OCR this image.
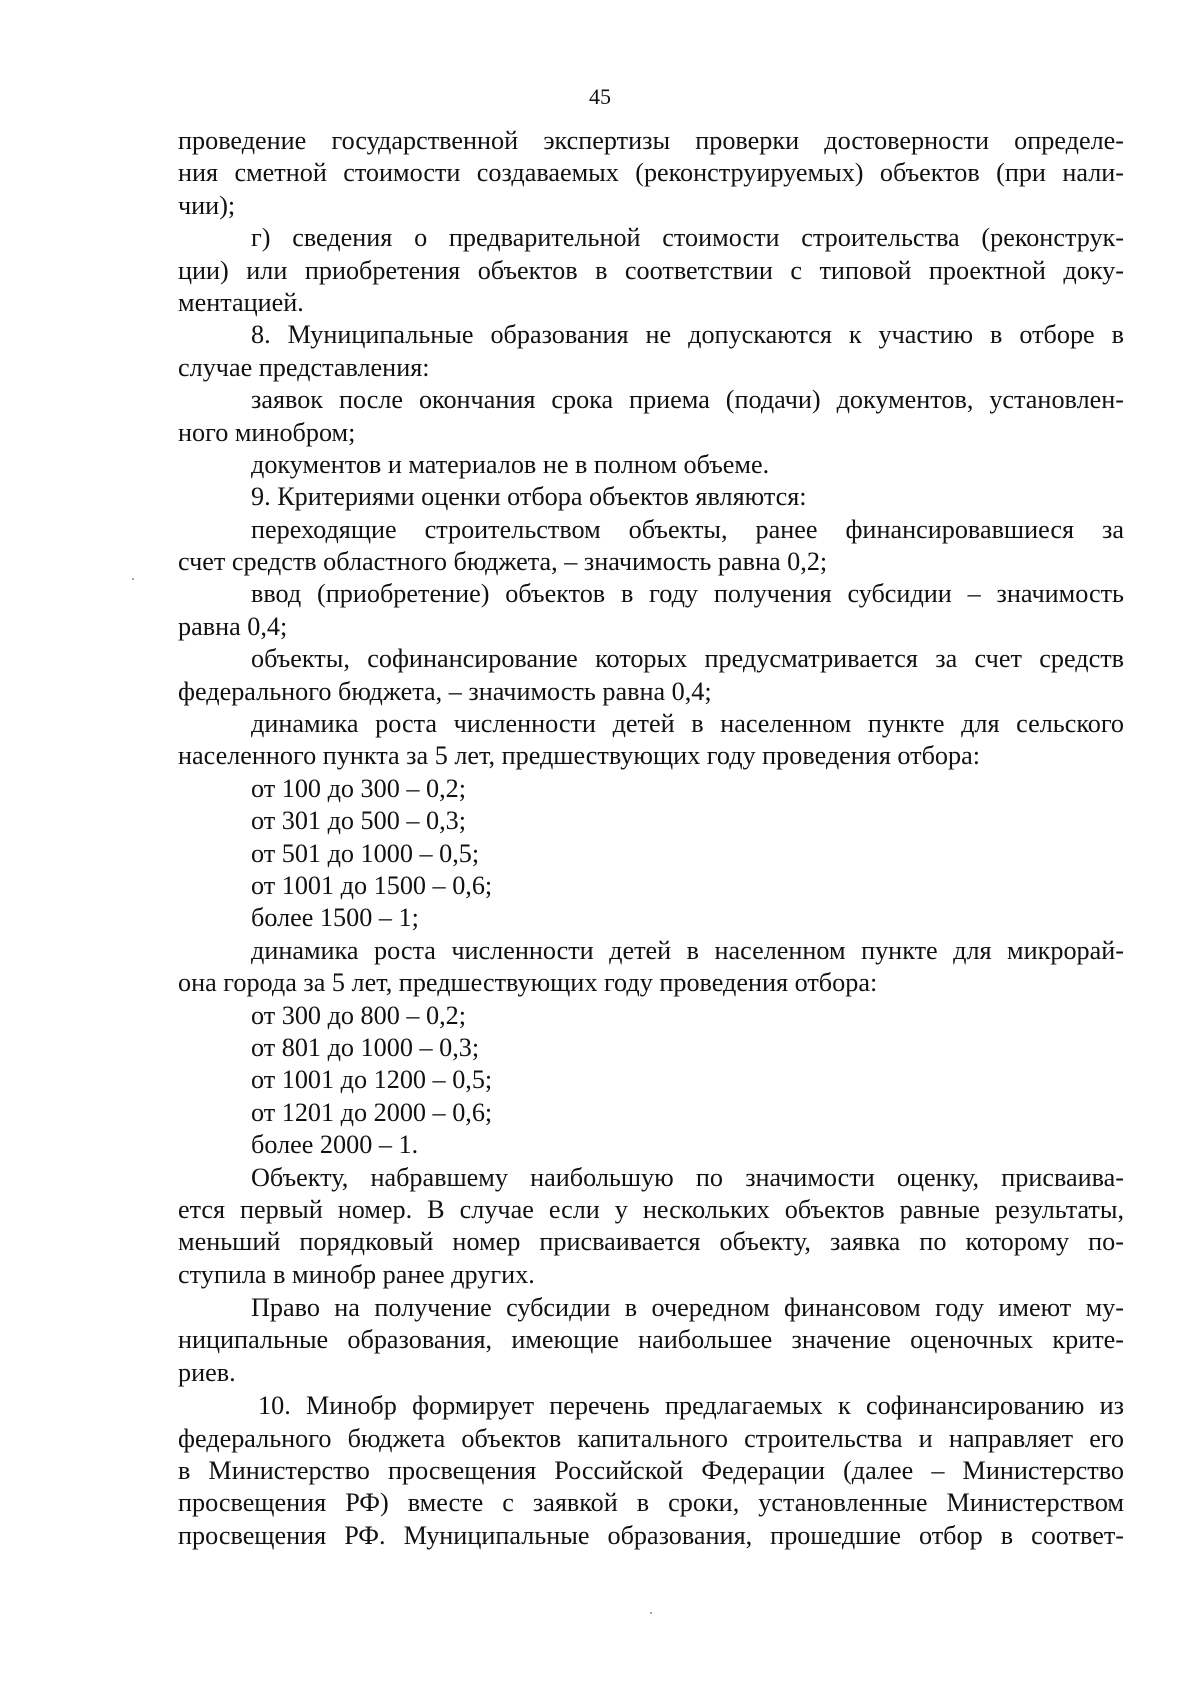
45
проведение государственной экспертизы проверки достоверности определе-
ния сметной стоимости создаваемых (реконструируемых) объектов (при нали-
чии);
г) сведения о предварительной стоимости строительства (реконструк-
ции) или приобретения объектов в соответствии с типовой проектной доку-
ментацией.
8. Муниципальные образования не допускаются к участию в отборе в
случае представления:
заявок после окончания срока приема (подачи) документов, установлен-
ного минобром;
документов и материалов не в полном объеме.
9. Критериями оценки отбора объектов являются:
переходящие строительством объекты, ранее финансировавшиеся за
счет средств областного бюджета, – значимость равна 0,2;
ввод (приобретение) объектов в году получения субсидии – значимость
равна 0,4;
объекты, софинансирование которых предусматривается за счет средств
федерального бюджета, – значимость равна 0,4;
динамика роста численности детей в населенном пункте для сельского
населенного пункта за 5 лет, предшествующих году проведения отбора:
от 100 до 300 – 0,2;
от 301 до 500 – 0,3;
от 501 до 1000 – 0,5;
от 1001 до 1500 – 0,6;
более 1500 – 1;
динамика роста численности детей в населенном пункте для микрорай-
она города за 5 лет, предшествующих году проведения отбора:
от 300 до 800 – 0,2;
от 801 до 1000 – 0,3;
от 1001 до 1200 – 0,5;
от 1201 до 2000 – 0,6;
более 2000 – 1.
Объекту, набравшему наибольшую по значимости оценку, присваива-
ется первый номер. В случае если у нескольких объектов равные результаты,
меньший порядковый номер присваивается объекту, заявка по которому по-
ступила в минобр ранее других.
Право на получение субсидии в очередном финансовом году имеют му-
ниципальные образования, имеющие наибольшее значение оценочных крите-
риев.
10. Минобр формирует перечень предлагаемых к софинансированию из
федерального бюджета объектов капитального строительства и направляет его
в Министерство просвещения Российской Федерации (далее – Министерство
просвещения РФ) вместе с заявкой в сроки, установленные Министерством
просвещения РФ. Муниципальные образования, прошедшие отбор в соответ-
